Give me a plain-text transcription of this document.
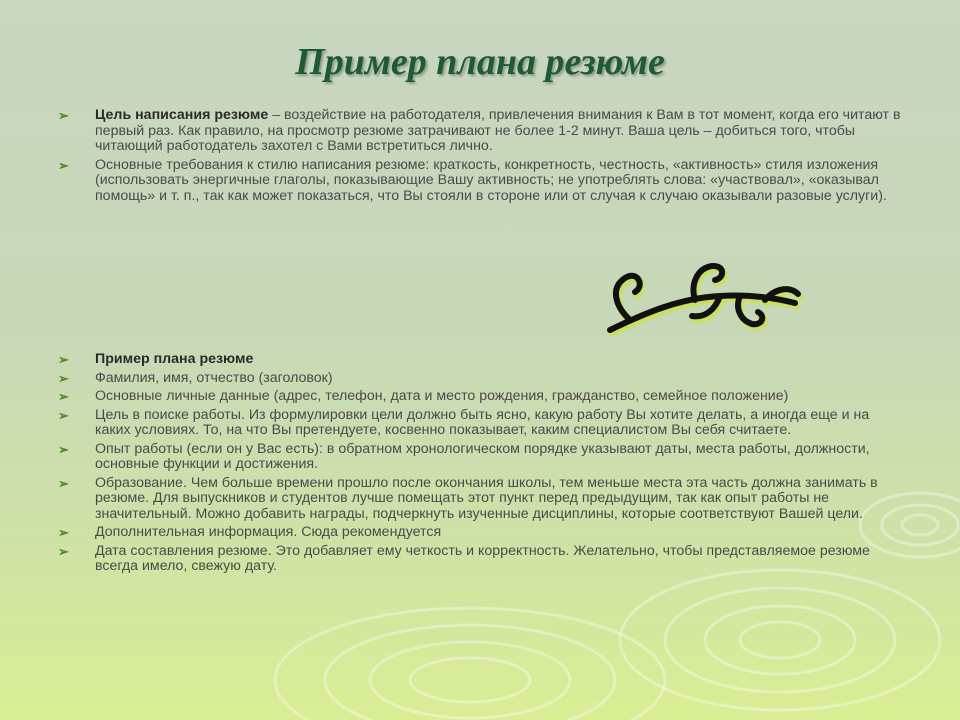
Пример плана резюме
➢ Цель написания резюме – воздействие на работодателя, привлечения внимания к Вам в тот момент, когда его читают в первый раз. Как правило, на просмотр резюме затрачивают не более 1-2 минут. Ваша цель – добиться того, чтобы читающий работодатель захотел с Вами встретиться лично.
➢ Основные требования к стилю написания резюме: краткость, конкретность, честность, «активность» стиля изложения (использовать энергичные глаголы, показывающие Вашу активность; не употреблять слова: «участвовал», «оказывал помощь» и т. п., так как может показаться, что Вы стояли в стороне или от случая к случаю оказывали разовые услуги).
➢ Пример плана резюме
➢ Фамилия, имя, отчество (заголовок)
➢ Основные личные данные (адрес, телефон, дата и место рождения, гражданство, семейное положение)
➢ Цель в поиске работы. Из формулировки цели должно быть ясно, какую работу Вы хотите делать, а иногда еще и на каких условиях. То, на что Вы претендуете, косвенно показывает, каким специалистом Вы себя считаете.
➢ Опыт работы (если он у Вас есть): в обратном хронологическом порядке указывают даты, места работы, должности, основные функции и достижения.
➢ Образование. Чем больше времени прошло после окончания школы, тем меньше места эта часть должна занимать в резюме. Для выпускников и студентов лучше помещать этот пункт перед предыдущим, так как опыт работы не значительный. Можно добавить награды, подчеркнуть изученные дисциплины, которые соответствуют Вашей цели.
➢ Дополнительная информация. Сюда рекомендуется
➢ Дата составления резюме. Это добавляет ему четкость и корректность. Желательно, чтобы представляемое резюме всегда имело, свежую дату.
